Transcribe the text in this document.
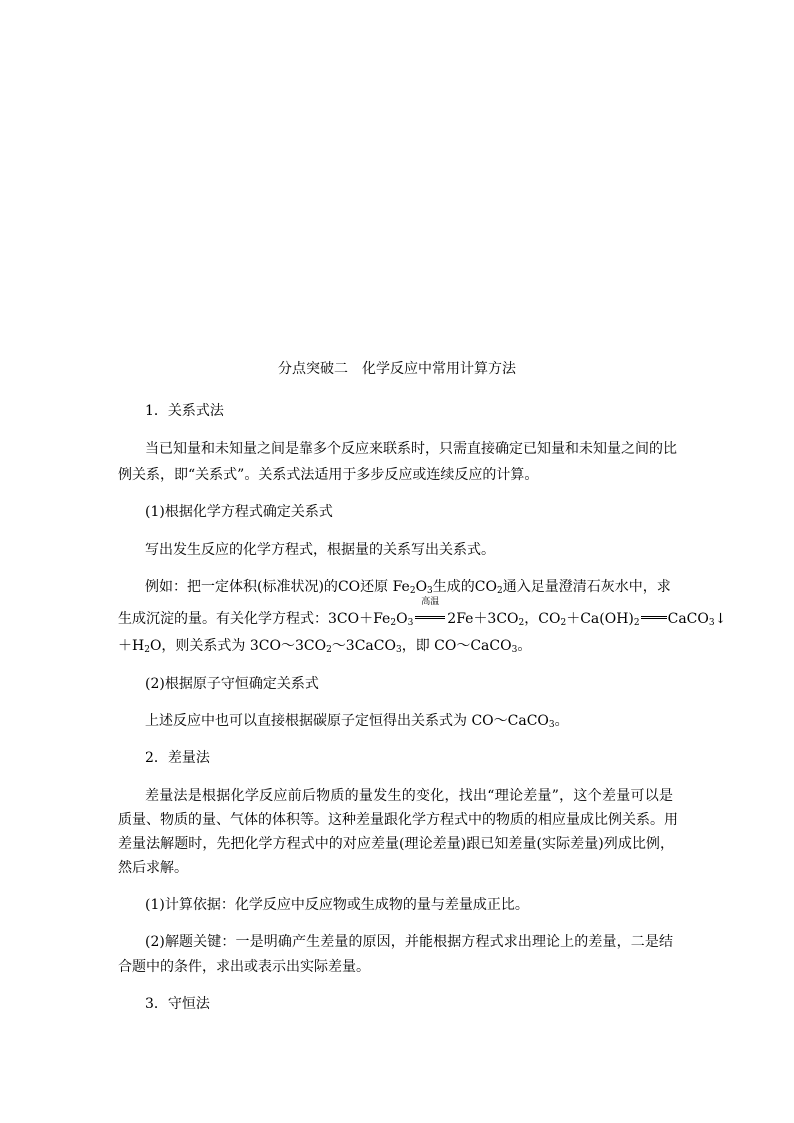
分点突破二　化学反应中常用计算方法
1．关系式法
当已知量和未知量之间是靠多个反应来联系时，只需直接确定已知量和未知量之间的比
例关系，即“关系式”。关系式法适用于多步反应或连续反应的计算。
(1)根据化学方程式确定关系式
写出发生反应的化学方程式，根据量的关系写出关系式。
例如：把一定体积(标准状况)的CO还原 $Fe_2O_3$生成的$CO_2$通入足量澄清石灰水中，求
生成沉淀的量。有关化学方程式：$3CO+Fe_2O_3$
高温
$2Fe+3CO_2$，$CO_2+Ca(OH)_2$ CaCO$_3$↓
$+H_2O$，则关系式为 $3CO\sim 3CO_2\sim 3CaCO_3$，即 CO～CaCO$_3$。
(2)根据原子守恒确定关系式
上述反应中也可以直接根据碳原子定恒得出关系式为 CO～CaCO$_3$。
2．差量法
差量法是根据化学反应前后物质的量发生的变化，找出“理论差量”，这个差量可以是
质量、物质的量、气体的体积等。这种差量跟化学方程式中的物质的相应量成比例关系。用
差量法解题时，先把化学方程式中的对应差量(理论差量)跟已知差量(实际差量)列成比例，
然后求解。
(1)计算依据：化学反应中反应物或生成物的量与差量成正比。
(2)解题关键：一是明确产生差量的原因，并能根据方程式求出理论上的差量，二是结
合题中的条件，求出或表示出实际差量。
3．守恒法
